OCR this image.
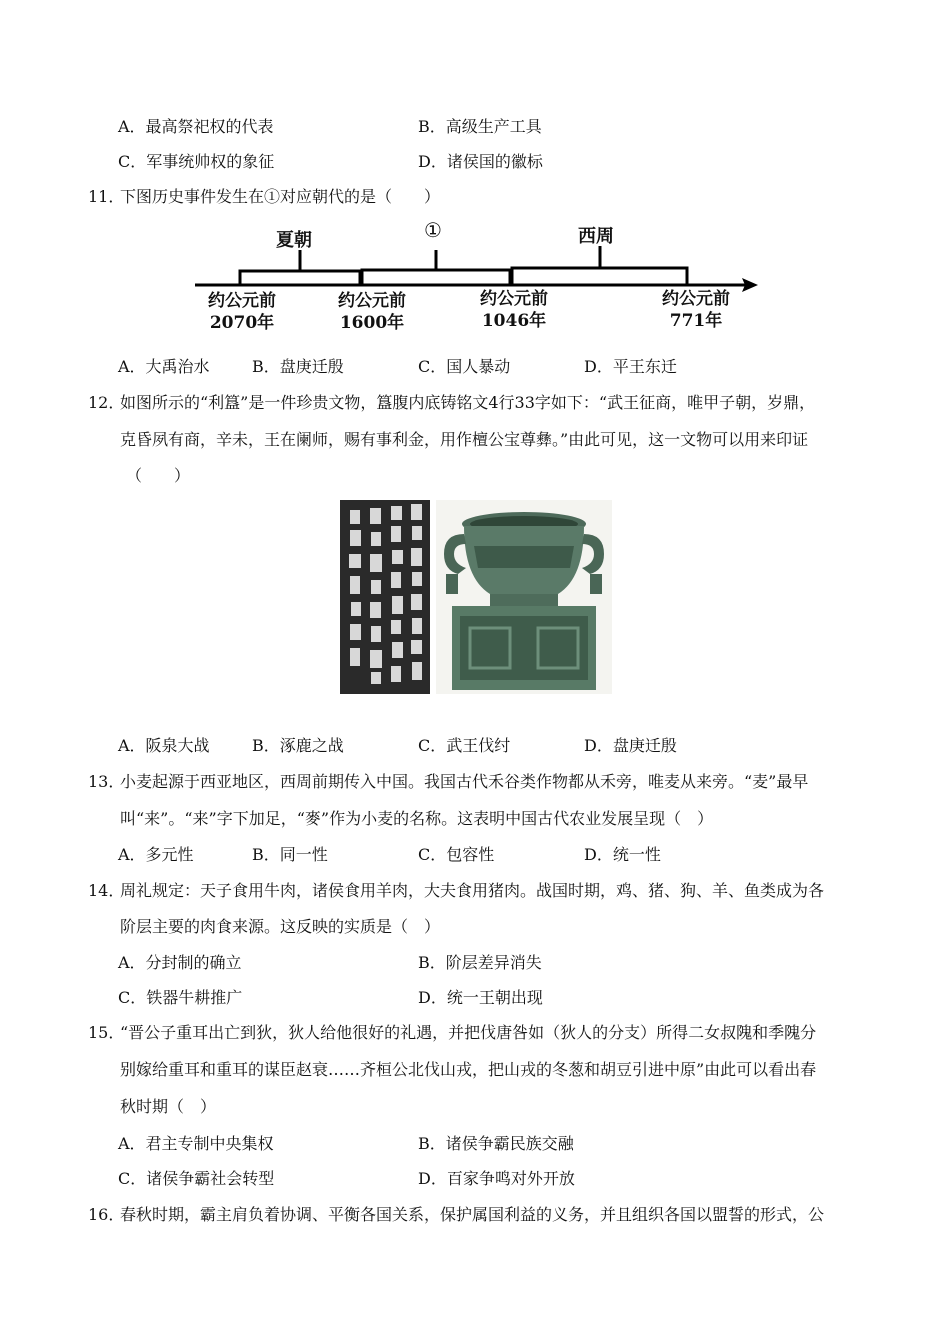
A．最高祭祀权的代表	B．高级生产工具
C．军事统帅权的象征	D．诸侯国的徽标
11．
下图历史事件发生在①对应朝代的是（　　）
夏朝	①	西周
约公元前
2070年
约公元前
1600年
约公元前
1046年
约公元前
771年
A．大禹治水	B．盘庚迁殷	C．国人暴动	D．平王东迁
12．
如图所示的“利簋”是一件珍贵文物，簋腹内底铸铭文4行33字如下：“武王征商，唯甲子朝，岁鼎，
克昏夙有商，辛未，王在阑师，赐有事利金，用作檀公宝尊彝。”由此可见，这一文物可以用来印证
（　　）
A．阪泉大战	B．涿鹿之战	C．武王伐纣	D．盘庚迁殷
13．
小麦起源于西亚地区，西周前期传入中国。我国古代禾谷类作物都从禾旁，唯麦从来旁。“麦”最早
叫“来”。“来”字下加足，“麥”作为小麦的名称。这表明中国古代农业发展呈现（　）
A．多元性	B．同一性	C．包容性	D．统一性
14．
周礼规定：天子食用牛肉，诸侯食用羊肉，大夫食用猪肉。战国时期，鸡、猪、狗、羊、鱼类成为各
阶层主要的肉食来源。这反映的实质是（　）
A．分封制的确立	B．阶层差异消失
C．铁器牛耕推广	D．统一王朝出现
15．
“晋公子重耳出亡到狄，狄人给他很好的礼遇，并把伐唐咎如（狄人的分支）所得二女叔隗和季隗分
别嫁给重耳和重耳的谋臣赵衰……齐桓公北伐山戎，把山戎的冬葱和胡豆引进中原”由此可以看出春
秋时期（　）
A．君主专制中央集权	B．诸侯争霸民族交融
C．诸侯争霸社会转型	D．百家争鸣对外开放
16．
春秋时期，霸主肩负着协调、平衡各国关系，保护属国利益的义务，并且组织各国以盟誓的形式，公
